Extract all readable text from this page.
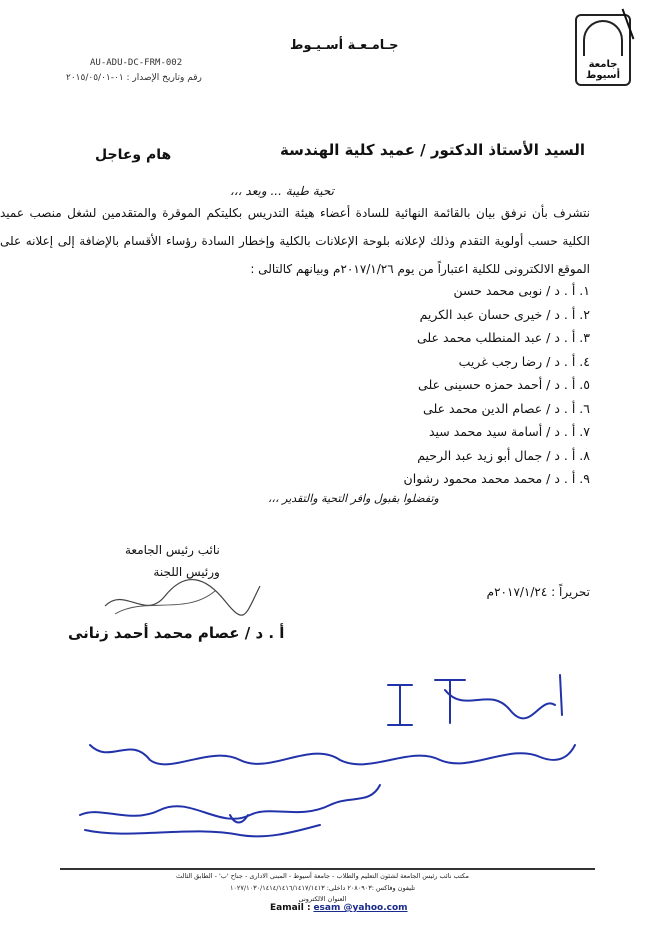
جامعة أسيوط
جـامـعـة أسـيـوط
AU-ADU-DC-FRM-002
رقم وتاريخ الإصدار : ٠١-٢٠١٥/٠٥/٠١
السيد الأستاذ الدكتور / عميد كلية الهندسة
هام وعاجل
تحية طيبة ... وبعد ،،،
نتشرف بأن نرفق بيان بالقائمة النهائية للسادة أعضاء هيئة التدريس بكليتكم الموقرة والمتقدمين لشغل منصب عميد الكلية حسب أولوية التقدم وذلك لإعلانه بلوحة الإعلانات بالكلية وإخطار السادة رؤساء الأقسام بالإضافة إلى إعلانه على الموقع الالكترونى للكلية اعتباراً من يوم ٢٠١٧/١/٢٦م وبيانهم كالتالى :
١. أ . د / نوبى محمد حسن
٢. أ . د / خيرى حسان عبد الكريم
٣. أ . د / عبد المنطلب محمد على
٤. أ . د / رضا رجب غريب
٥. أ . د / أحمد حمزه حسينى على
٦. أ . د / عصام الدين محمد على
٧. أ . د / أسامة سيد محمد سيد
٨. أ . د / جمال أبو زيد عبد الرحيم
٩. أ . د / محمد محمد محمود رشوان
وتفضلوا بقبول وافر التحية والتقدير ،،،
نائب رئيس الجامعة
ورئيس اللجنة
تحريراً : ٢٠١٧/١/٢٤م
أ . د / عصام محمد أحمد زنانى
مكتب نائب رئيس الجامعة لشئون التعليم والطلاب - جامعة أسيوط - المبنى الادارى - جناح 'ب' - الطابق الثالث
تليفون وفاكس :٢٠٨٠٩٠٣ داخلى: ١٠٢٧/١٠٣٠/١٤١٤/١٤١٦/١٤١٧/١٤١٣
العنوان الالكترونى
Eamail : esam @yahoo.com
